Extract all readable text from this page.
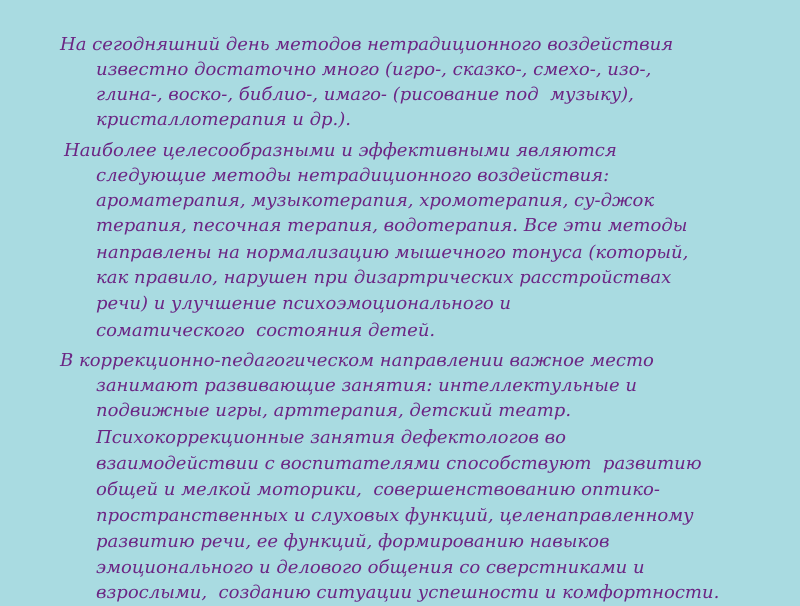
На сегодняшний день методов нетрадиционного воздействия
известно достаточно много (игро-, сказко-, смехо-, изо-,
глина-, воско-, библио-, имаго- (рисование под  музыку),
кристаллотерапия и др.).
Наиболее целесообразными и эффективными являются
следующие методы нетрадиционного воздействия:
аромaтерапия, музыкотерапия, хромотерапия, су-джок
терапия, песочная терапия, водотерапия. Все эти методы
направлены на нормализацию мышечного тонуса (который,
как правило, нарушен при дизартрических расстройствах
речи) и улучшение психоэмоционального и
соматического  состояния детей.
В коррекционно-педагогическом направлении важное место
занимают развивающие занятия: интеллектульные и
подвижные игры, арттерапия, детский театр.
Психокоррекционные занятия дефектологов во
взаимодействии с воспитателями способствуют  развитию
общей и мелкой моторики,  совершенствованию оптико-
пространственных и слуховых функций, целенаправленному
развитию речи, ее функций, формированию навыков
эмоционального и делового общения со сверстниками и
взрослыми,  созданию ситуации успешности и комфортности.
